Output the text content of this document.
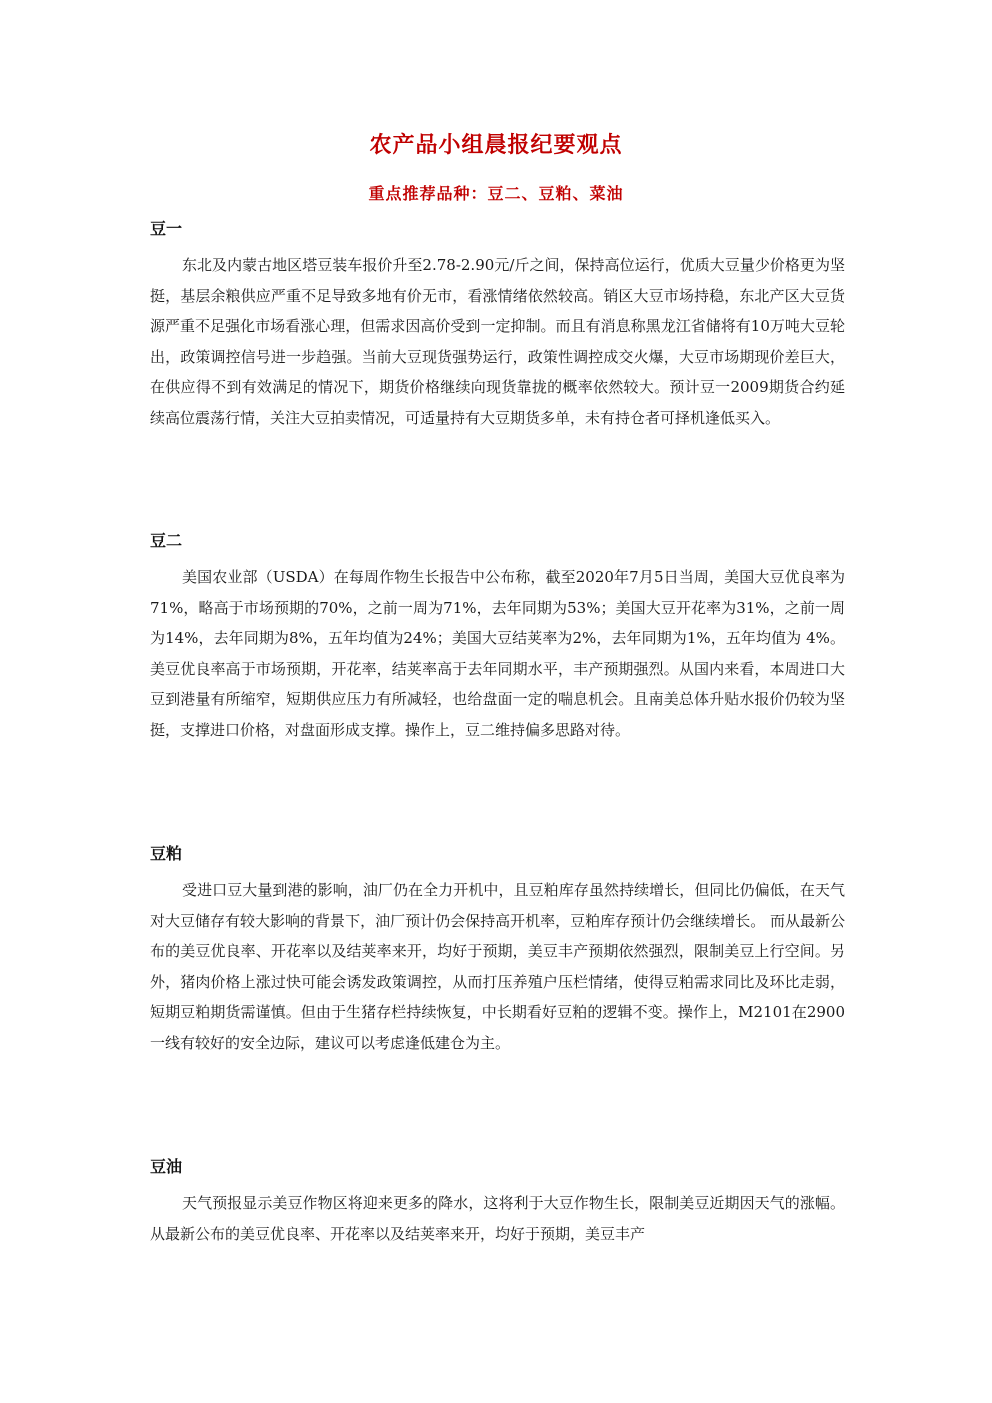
农产品小组晨报纪要观点
重点推荐品种：豆二、豆粕、菜油
豆一

东北及内蒙古地区塔豆装车报价升至2.78-2.90元/斤之间，保持高位运行，优质大豆量少价格更为坚挺，基层余粮供应严重不足导致多地有价无市，看涨情绪依然较高。销区大豆市场持稳，东北产区大豆货源严重不足强化市场看涨心理，但需求因高价受到一定抑制。而且有消息称黑龙江省储将有10万吨大豆轮出，政策调控信号进一步趋强。当前大豆现货强势运行，政策性调控成交火爆，大豆市场期现价差巨大，在供应得不到有效满足的情况下，期货价格继续向现货靠拢的概率依然较大。预计豆一2009期货合约延续高位震荡行情，关注大豆拍卖情况，可适量持有大豆期货多单，未有持仓者可择机逢低买入。

豆二

美国农业部（USDA）在每周作物生长报告中公布称，截至2020年7月5日当周，美国大豆优良率为71%，略高于市场预期的70%，之前一周为71%，去年同期为53%；美国大豆开花率为31%，之前一周为14%，去年同期为8%，五年均值为24%；美国大豆结荚率为2%，去年同期为1%，五年均值为 4%。美豆优良率高于市场预期，开花率，结荚率高于去年同期水平，丰产预期强烈。从国内来看，本周进口大豆到港量有所缩窄，短期供应压力有所减轻，也给盘面一定的喘息机会。且南美总体升贴水报价仍较为坚挺，支撑进口价格，对盘面形成支撑。操作上，豆二维持偏多思路对待。

豆粕

受进口豆大量到港的影响，油厂仍在全力开机中，且豆粕库存虽然持续增长，但同比仍偏低，在天气对大豆储存有较大影响的背景下，油厂预计仍会保持高开机率，豆粕库存预计仍会继续增长。 而从最新公布的美豆优良率、开花率以及结荚率来开，均好于预期，美豆丰产预期依然强烈，限制美豆上行空间。另外，猪肉价格上涨过快可能会诱发政策调控，从而打压养殖户压栏情绪，使得豆粕需求同比及环比走弱，短期豆粕期货需谨慎。但由于生猪存栏持续恢复，中长期看好豆粕的逻辑不变。操作上，M2101在2900一线有较好的安全边际，建议可以考虑逢低建仓为主。

豆油

天气预报显示美豆作物区将迎来更多的降水，这将利于大豆作物生长，限制美豆近期因天气的涨幅。 从最新公布的美豆优良率、开花率以及结荚率来开，均好于预期，美豆丰产
